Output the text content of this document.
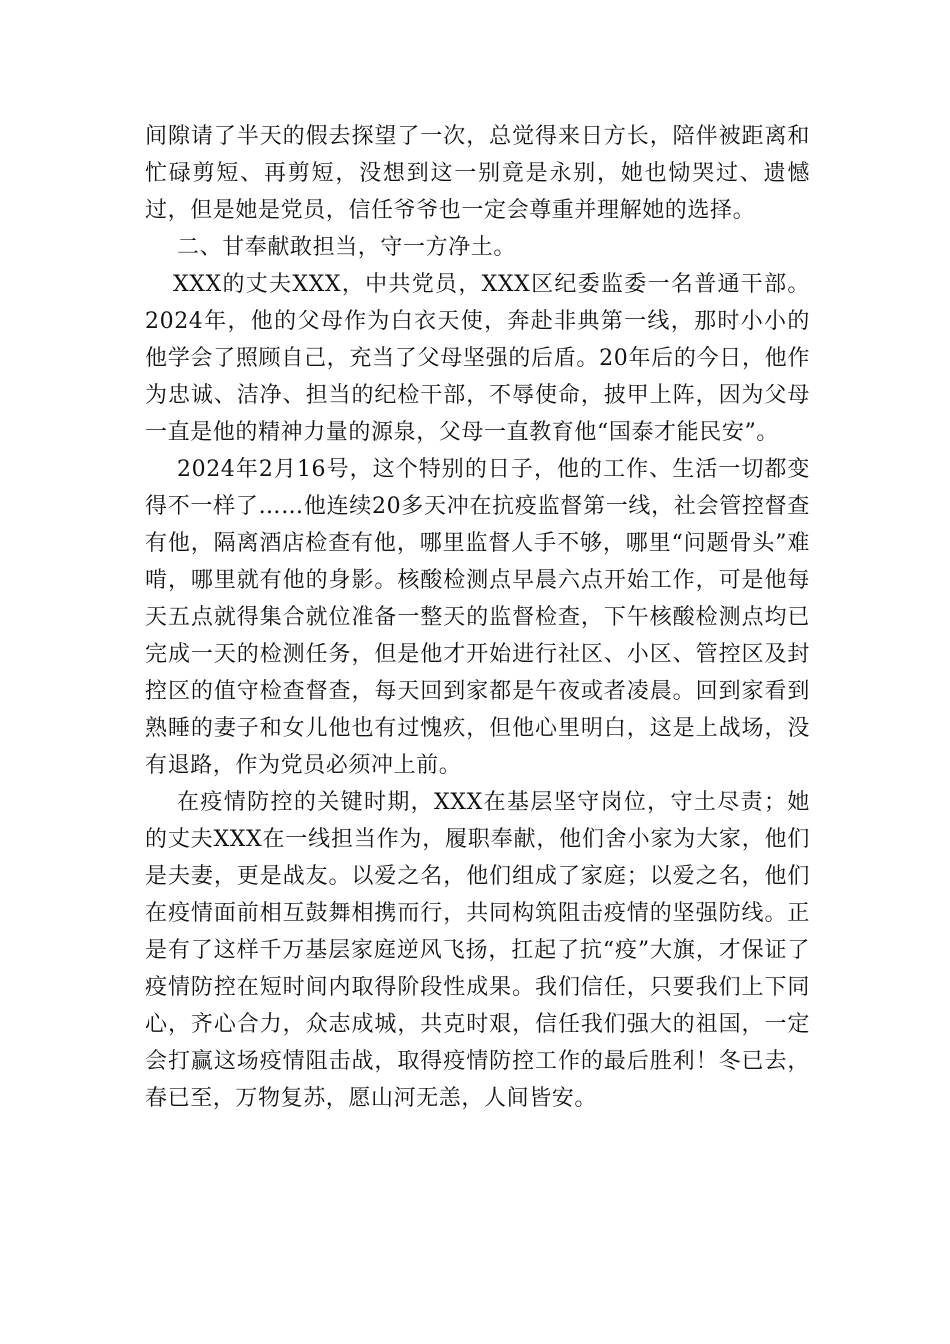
间隙请了半天的假去探望了一次，总觉得来日方长，陪伴被距离和忙碌剪短、再剪短，没想到这一别竟是永别，她也恸哭过、遗憾过，但是她是党员，信任爷爷也一定会尊重并理解她的选择。

二、甘奉献敢担当，守一方净土。

XXX的丈夫XXX，中共党员，XXX区纪委监委一名普通干部。2024年，他的父母作为白衣天使，奔赴非典第一线，那时小小的他学会了照顾自己，充当了父母坚强的后盾。20年后的今日，他作为忠诚、洁净、担当的纪检干部，不辱使命，披甲上阵，因为父母一直是他的精神力量的源泉，父母一直教育他“国泰才能民安”。

2024年2月16号，这个特别的日子，他的工作、生活一切都变得不一样了……他连续20多天冲在抗疫监督第一线，社会管控督查有他，隔离酒店检查有他，哪里监督人手不够，哪里“问题骨头”难啃，哪里就有他的身影。核酸检测点早晨六点开始工作，可是他每天五点就得集合就位准备一整天的监督检查，下午核酸检测点均已完成一天的检测任务，但是他才开始进行社区、小区、管控区及封控区的值守检查督查，每天回到家都是午夜或者凌晨。回到家看到熟睡的妻子和女儿他也有过愧疚，但他心里明白，这是上战场，没有退路，作为党员必须冲上前。

在疫情防控的关键时期，XXX在基层坚守岗位，守土尽责；她的丈夫XXX在一线担当作为，履职奉献，他们舍小家为大家，他们是夫妻，更是战友。以爱之名，他们组成了家庭；以爱之名，他们在疫情面前相互鼓舞相携而行，共同构筑阻击疫情的坚强防线。正是有了这样千万基层家庭逆风飞扬，扛起了抗“疫”大旗，才保证了疫情防控在短时间内取得阶段性成果。我们信任，只要我们上下同心，齐心合力，众志成城，共克时艰，信任我们强大的祖国，一定会打赢这场疫情阻击战，取得疫情防控工作的最后胜利！冬已去，春已至，万物复苏，愿山河无恙，人间皆安。
